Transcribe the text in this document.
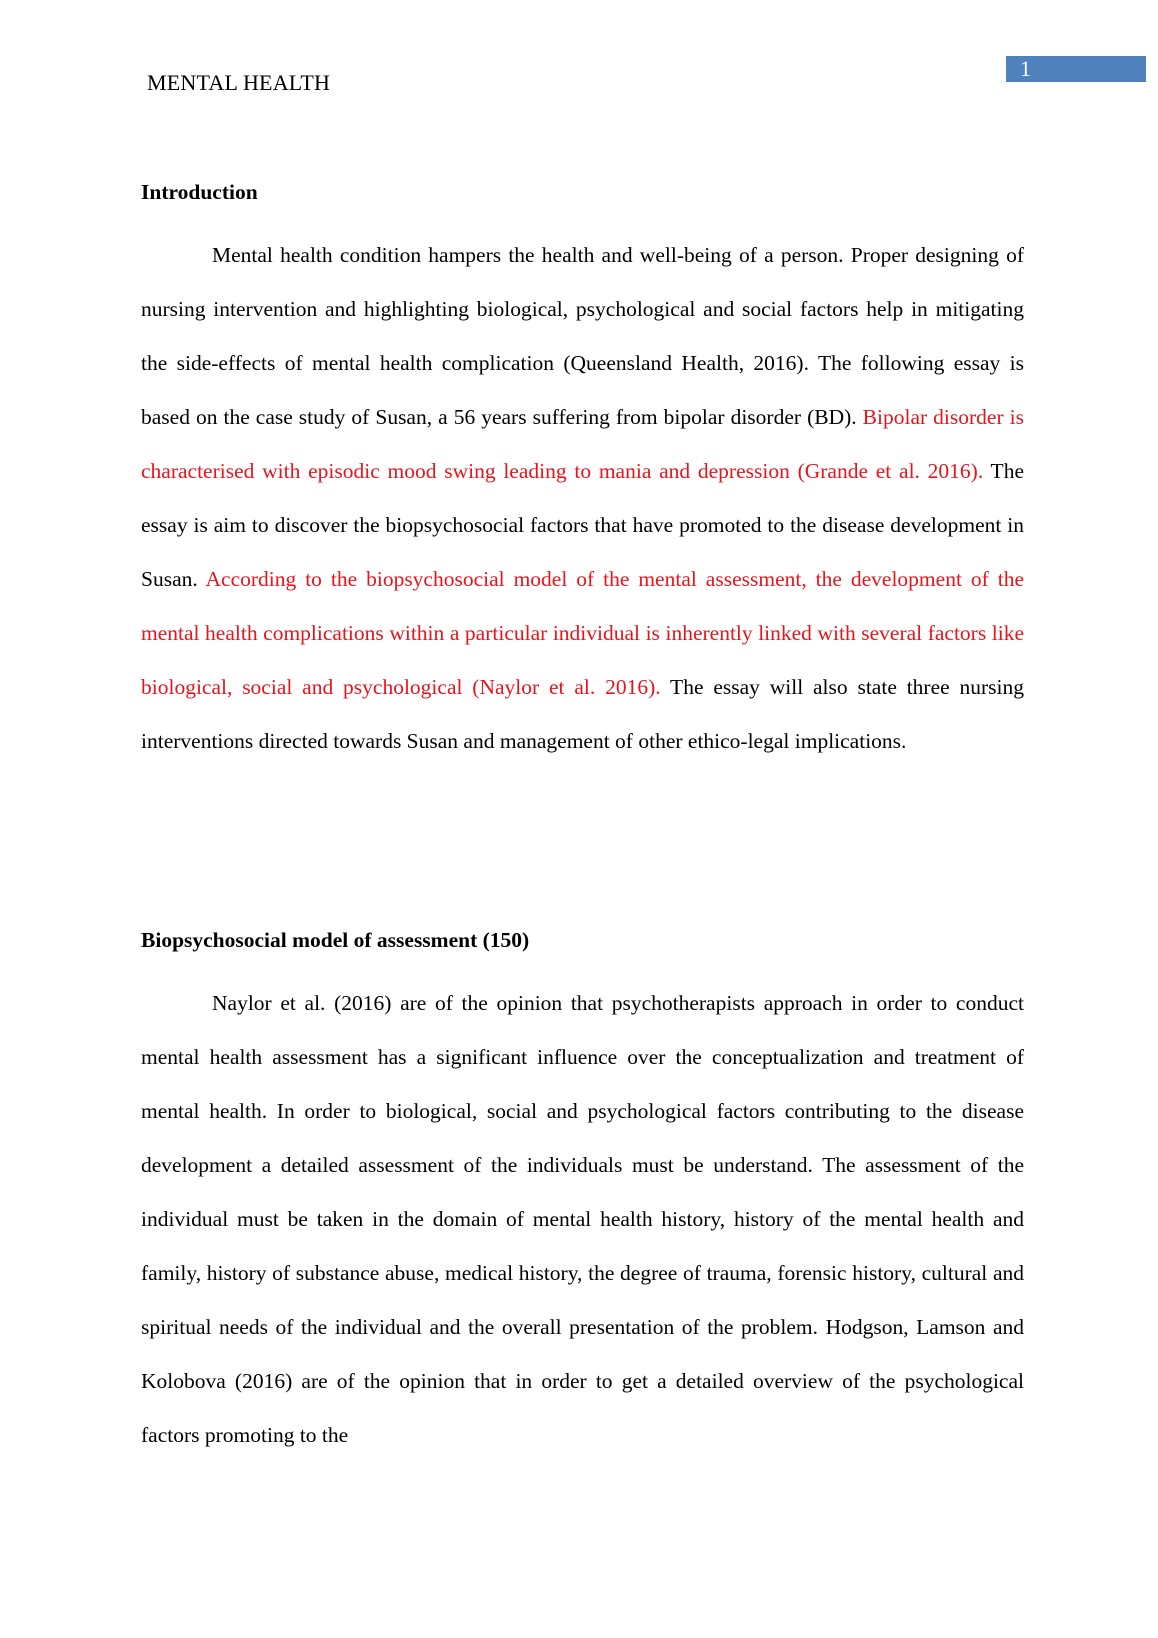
MENTAL HEALTH
1
Introduction

Mental health condition hampers the health and well-being of a person. Proper designing of nursing intervention and highlighting biological, psychological and social factors help in mitigating the side-effects of mental health complication (Queensland Health, 2016). The following essay is based on the case study of Susan, a 56 years suffering from bipolar disorder (BD). Bipolar disorder is characterised with episodic mood swing leading to mania and depression (Grande et al. 2016). The essay is aim to discover the biopsychosocial factors that have promoted to the disease development in Susan. According to the biopsychosocial model of the mental assessment, the development of the mental health complications within a particular individual is inherently linked with several factors like biological, social and psychological (Naylor et al. 2016). The essay will also state three nursing interventions directed towards Susan and management of other ethico-legal implications.

Biopsychosocial model of assessment (150)

Naylor et al. (2016) are of the opinion that psychotherapists approach in order to conduct mental health assessment has a significant influence over the conceptualization and treatment of mental health. In order to biological, social and psychological factors contributing to the disease development a detailed assessment of the individuals must be understand. The assessment of the individual must be taken in the domain of mental health history, history of the mental health and family, history of substance abuse, medical history, the degree of trauma, forensic history, cultural and spiritual needs of the individual and the overall presentation of the problem. Hodgson, Lamson and Kolobova (2016) are of the opinion that in order to get a detailed overview of the psychological factors promoting to the
